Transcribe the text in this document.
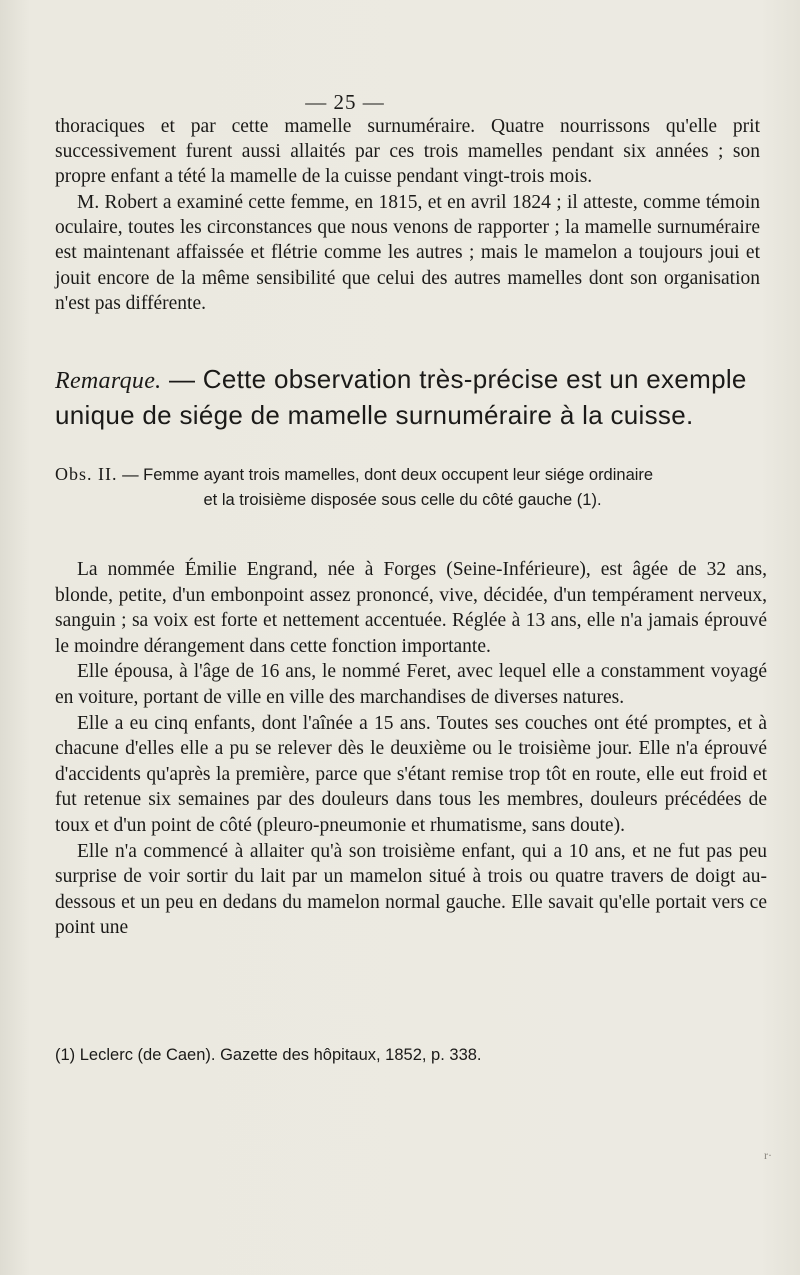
— 25 —

thoraciques et par cette mamelle surnuméraire. Quatre nourrissons qu'elle prit successivement furent aussi allaités par ces trois mamelles pendant six années ; son propre enfant a tété la mamelle de la cuisse pendant vingt-trois mois.

M. Robert a examiné cette femme, en 1815, et en avril 1824 ; il atteste, comme témoin oculaire, toutes les circonstances que nous venons de rapporter ; la mamelle surnuméraire est maintenant affaissée et flétrie comme les autres ; mais le mamelon a toujours joui et jouit encore de la même sensibilité que celui des autres mamelles dont son organisation n'est pas différente.

Remarque. — Cette observation très-précise est un exemple unique de siége de mamelle surnuméraire à la cuisse.

Obs. II. — Femme ayant trois mamelles, dont deux occupent leur siége ordinaire
et la troisième disposée sous celle du côté gauche (1).

La nommée Émilie Engrand, née à Forges (Seine-Inférieure), est âgée de 32 ans, blonde, petite, d'un embonpoint assez prononcé, vive, décidée, d'un tempérament nerveux, sanguin ; sa voix est forte et nettement accentuée. Réglée à 13 ans, elle n'a jamais éprouvé le moindre dérangement dans cette fonction importante.

Elle épousa, à l'âge de 16 ans, le nommé Feret, avec lequel elle a constamment voyagé en voiture, portant de ville en ville des marchandises de diverses natures.

Elle a eu cinq enfants, dont l'aînée a 15 ans. Toutes ses couches ont été promptes, et à chacune d'elles elle a pu se relever dès le deuxième ou le troisième jour. Elle n'a éprouvé d'accidents qu'après la première, parce que s'étant remise trop tôt en route, elle eut froid et fut retenue six semaines par des douleurs dans tous les membres, douleurs précédées de toux et d'un point de côté (pleuro-pneumonie et rhumatisme, sans doute).

Elle n'a commencé à allaiter qu'à son troisième enfant, qui a 10 ans, et ne fut pas peu surprise de voir sortir du lait par un mamelon situé à trois ou quatre travers de doigt au-dessous et un peu en dedans du mamelon normal gauche. Elle savait qu'elle portait vers ce point une

(1) Leclerc (de Caen). Gazette des hôpitaux, 1852, p. 338.
r·
